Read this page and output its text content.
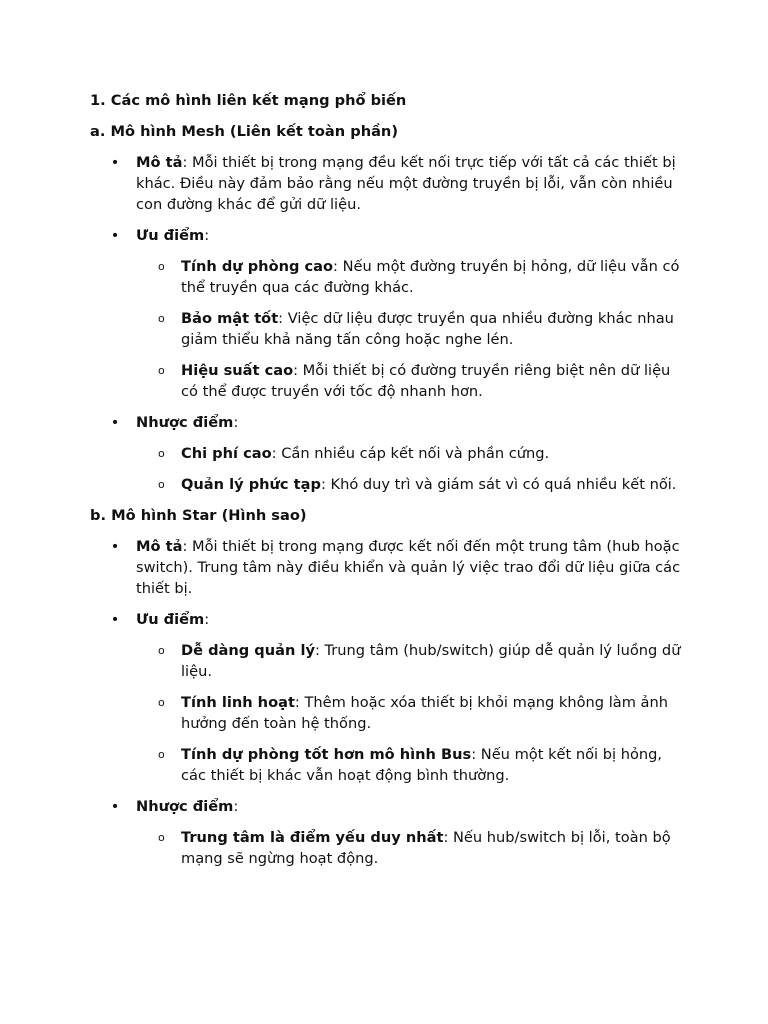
1. Các mô hình liên kết mạng phổ biến
a. Mô hình Mesh (Liên kết toàn phần)
• Mô tả: Mỗi thiết bị trong mạng đều kết nối trực tiếp với tất cả các thiết bị khác. Điều này đảm bảo rằng nếu một đường truyền bị lỗi, vẫn còn nhiều con đường khác để gửi dữ liệu.
• Ưu điểm:
o Tính dự phòng cao: Nếu một đường truyền bị hỏng, dữ liệu vẫn có thể truyền qua các đường khác.
o Bảo mật tốt: Việc dữ liệu được truyền qua nhiều đường khác nhau giảm thiểu khả năng tấn công hoặc nghe lén.
o Hiệu suất cao: Mỗi thiết bị có đường truyền riêng biệt nên dữ liệu có thể được truyền với tốc độ nhanh hơn.
• Nhược điểm:
o Chi phí cao: Cần nhiều cáp kết nối và phần cứng.
o Quản lý phức tạp: Khó duy trì và giám sát vì có quá nhiều kết nối.
b. Mô hình Star (Hình sao)
• Mô tả: Mỗi thiết bị trong mạng được kết nối đến một trung tâm (hub hoặc switch). Trung tâm này điều khiển và quản lý việc trao đổi dữ liệu giữa các thiết bị.
• Ưu điểm:
o Dễ dàng quản lý: Trung tâm (hub/switch) giúp dễ quản lý luồng dữ liệu.
o Tính linh hoạt: Thêm hoặc xóa thiết bị khỏi mạng không làm ảnh hưởng đến toàn hệ thống.
o Tính dự phòng tốt hơn mô hình Bus: Nếu một kết nối bị hỏng, các thiết bị khác vẫn hoạt động bình thường.
• Nhược điểm:
o Trung tâm là điểm yếu duy nhất: Nếu hub/switch bị lỗi, toàn bộ mạng sẽ ngừng hoạt động.
